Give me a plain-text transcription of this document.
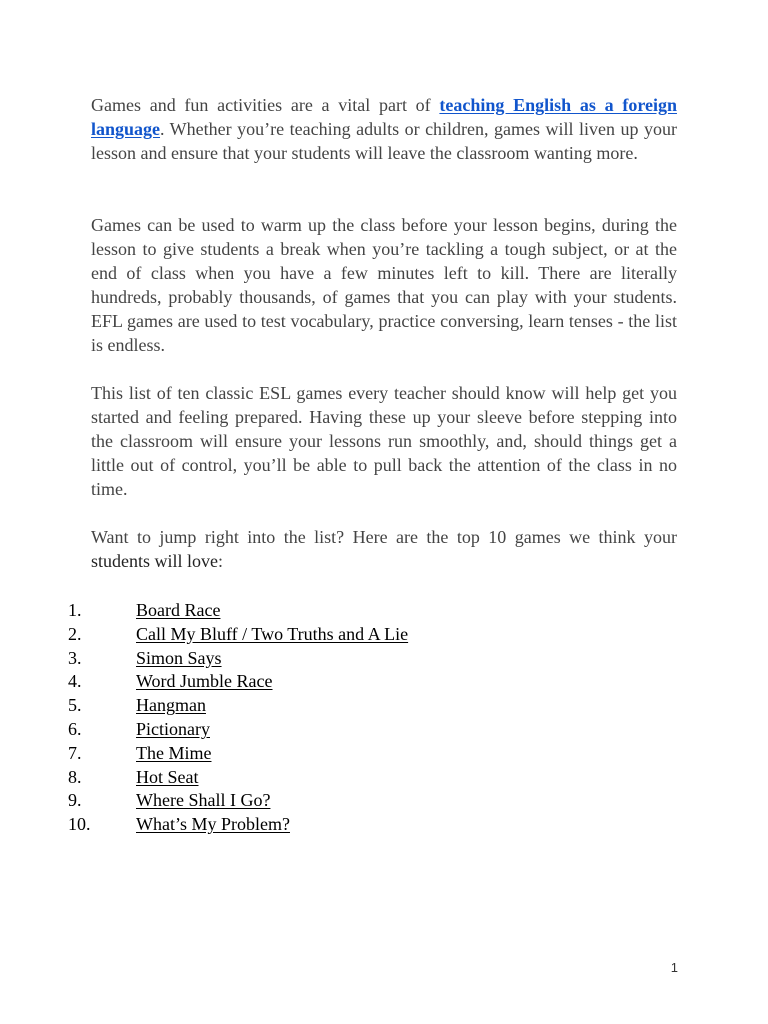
Games and fun activities are a vital part of teaching English as a foreign language. Whether you’re teaching adults or children, games will liven up your lesson and ensure that your students will leave the classroom wanting more.

Games can be used to warm up the class before your lesson begins, during the lesson to give students a break when you’re tackling a tough subject, or at the end of class when you have a few minutes left to kill. There are literally hundreds, probably thousands, of games that you can play with your students. EFL games are used to test vocabulary, practice conversing, learn tenses - the list is endless.

This list of ten classic ESL games every teacher should know will help get you started and feeling prepared. Having these up your sleeve before stepping into the classroom will ensure your lessons run smoothly, and, should things get a little out of control, you’ll be able to pull back the attention of the class in no time.

Want to jump right into the list? Here are the top 10 games we think your students will love:

1.	Board Race
2.	Call My Bluff / Two Truths and A Lie
3.	Simon Says
4.	Word Jumble Race
5.	Hangman
6.	Pictionary
7.	The Mime
8.	Hot Seat
9.	Where Shall I Go?
10.	What’s My Problem?
1
